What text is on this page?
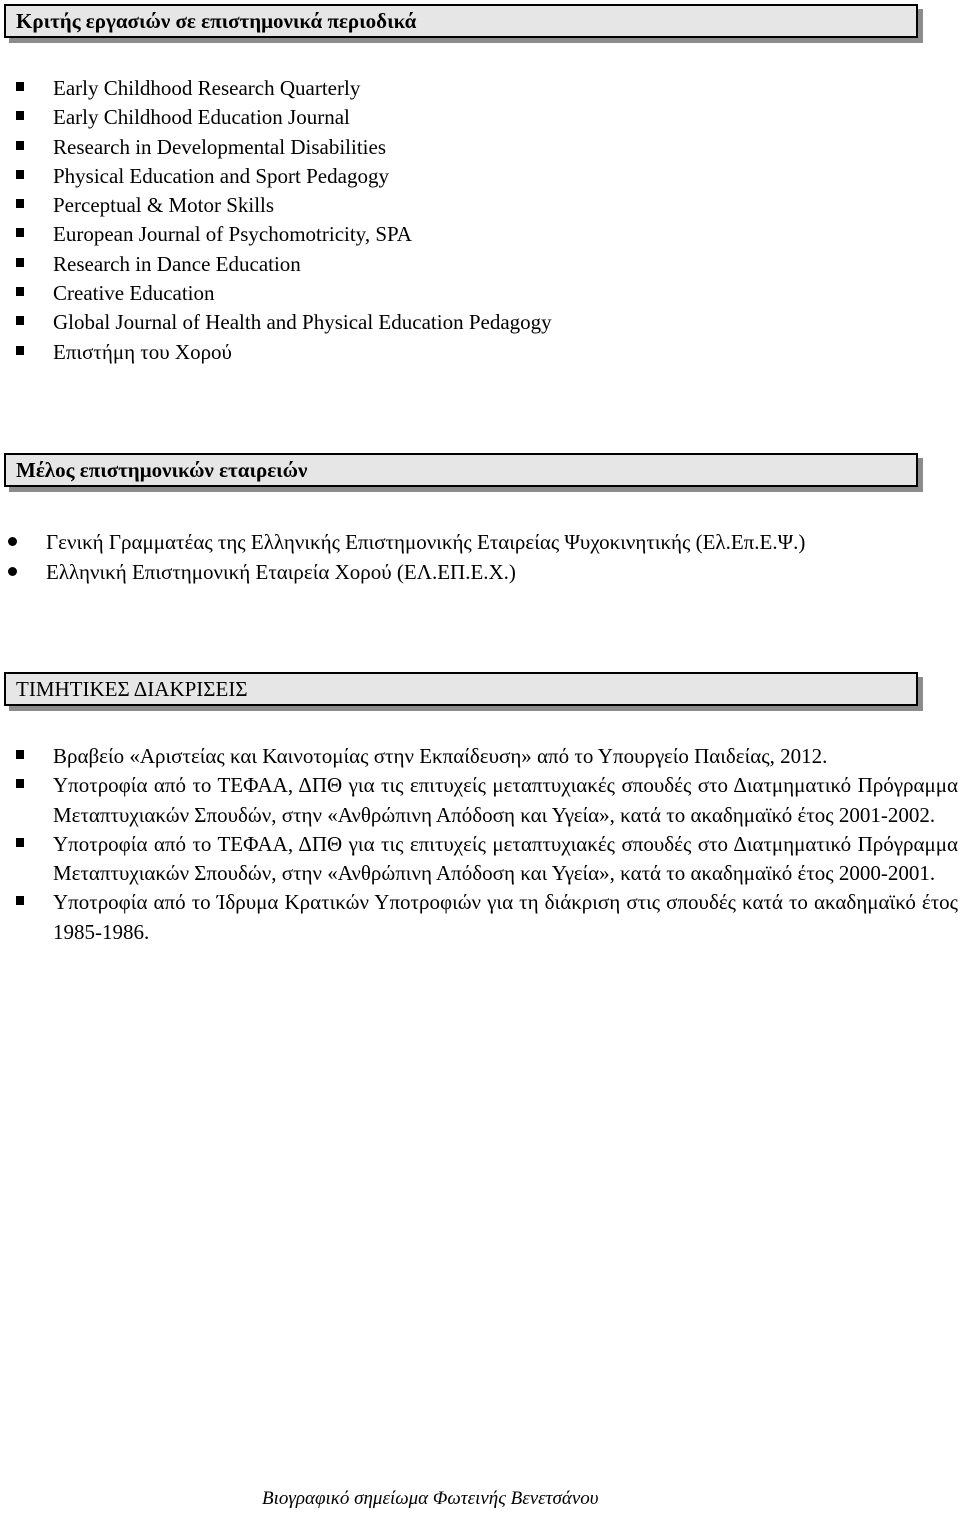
Κριτής εργασιών σε επιστημονικά περιοδικά
Early Childhood Research Quarterly
Early Childhood Education Journal
Research in Developmental Disabilities
Physical Education and Sport Pedagogy
Perceptual & Motor Skills
European Journal of Psychomotricity, SPA
Research in Dance Education
Creative Education
Global Journal of Health and Physical Education Pedagogy
Επιστήμη του Χορού
Μέλος επιστημονικών εταιρειών
Γενική Γραμματέας της Ελληνικής Επιστημονικής Εταιρείας Ψυχοκινητικής (Ελ.Επ.Ε.Ψ.)
Ελληνική Επιστημονική Εταιρεία Χορού (ΕΛ.ΕΠ.Ε.Χ.)
ΤΙΜΗΤΙΚΕΣ ΔΙΑΚΡΙΣΕΙΣ
Βραβείο «Αριστείας και Καινοτομίας στην Εκπαίδευση» από το Υπουργείο Παιδείας, 2012.
Υποτροφία από το ΤΕΦΑΑ, ΔΠΘ για τις επιτυχείς μεταπτυχιακές σπουδές στο Διατμηματικό Πρόγραμμα Μεταπτυχιακών Σπουδών, στην «Ανθρώπινη Απόδοση και Υγεία», κατά το ακαδημαϊκό έτος 2001-2002.
Υποτροφία από το ΤΕΦΑΑ, ΔΠΘ για τις επιτυχείς μεταπτυχιακές σπουδές στο Διατμηματικό Πρόγραμμα Μεταπτυχιακών Σπουδών, στην «Ανθρώπινη Απόδοση και Υγεία», κατά το ακαδημαϊκό έτος 2000-2001.
Υποτροφία από το Ίδρυμα Κρατικών Υποτροφιών για τη διάκριση στις σπουδές κατά το ακαδημαϊκό έτος 1985-1986.
Βιογραφικό σημείωμα Φωτεινής Βενετσάνου
